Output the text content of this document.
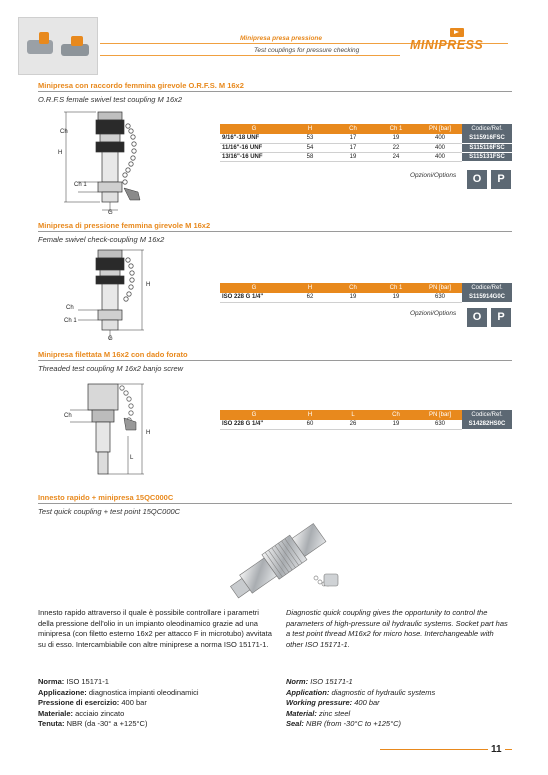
Minipresa presa pressione
Test couplings for pressure checking	MINIPRESS
Minipresa con raccordo femmina girevole O.R.F.S. M 16x2
O.R.F.S female swivel test coupling M 16x2
H
Ch
Ch 1
G
G	H	Ch	Ch 1	PN [bar]	Codice/Ref.
9/16"-18 UNF	53	17	19	400	S115916FSC
11/16"-16 UNF	54	17	22	400	S115116FSC
13/16"-16 UNF	58	19	24	400	S115131FSC
Opzioni/Options	O	P
Minipresa di pressione femmina girevole M 16x2
Female swivel check-coupling M 16x2
H
Ch
Ch 1
G
G	H	Ch	Ch 1	PN [bar]	Codice/Ref.
ISO 228 G 1/4"	62	19	19	630	S115914G0C
Opzioni/Options	O	P
Minipresa filettata M 16x2 con dado forato
Threaded test coupling M 16x2 banjo screw
Ch
L
H
G	H	L	Ch	PN [bar]	Codice/Ref.
ISO 228 G 1/4"	60	26	19	630	S14282HS0C
Innesto rapido + minipresa 15QC000C
Test quick coupling + test point 15QC000C
Innesto rapido attraverso il quale è possibile controllare i parametri della pressione dell'olio in un impianto oleodinamico grazie ad una minipresa (con filetto esterno 16x2 per attacco F in microtubo) avvitata su di esso. Intercambiabile con altre miniprese a norma ISO 15171-1.
Diagnostic quick coupling gives the opportunity to control the parameters of high-pressure oil hydraulic systems. Socket part has a test point thread M16x2 for micro hose. Interchangeable with other ISO 15171-1.
Norma: ISO 15171-1
Applicazione: diagnostica impianti oleodinamici
Pressione di esercizio: 400 bar
Materiale: acciaio zincato
Tenuta: NBR (da -30° a +125°C)
Norm: ISO 15171-1
Application: diagnostic of hydraulic systems
Working pressure: 400 bar
Material: zinc steel
Seal: NBR (from -30°C to +125°C)
11
